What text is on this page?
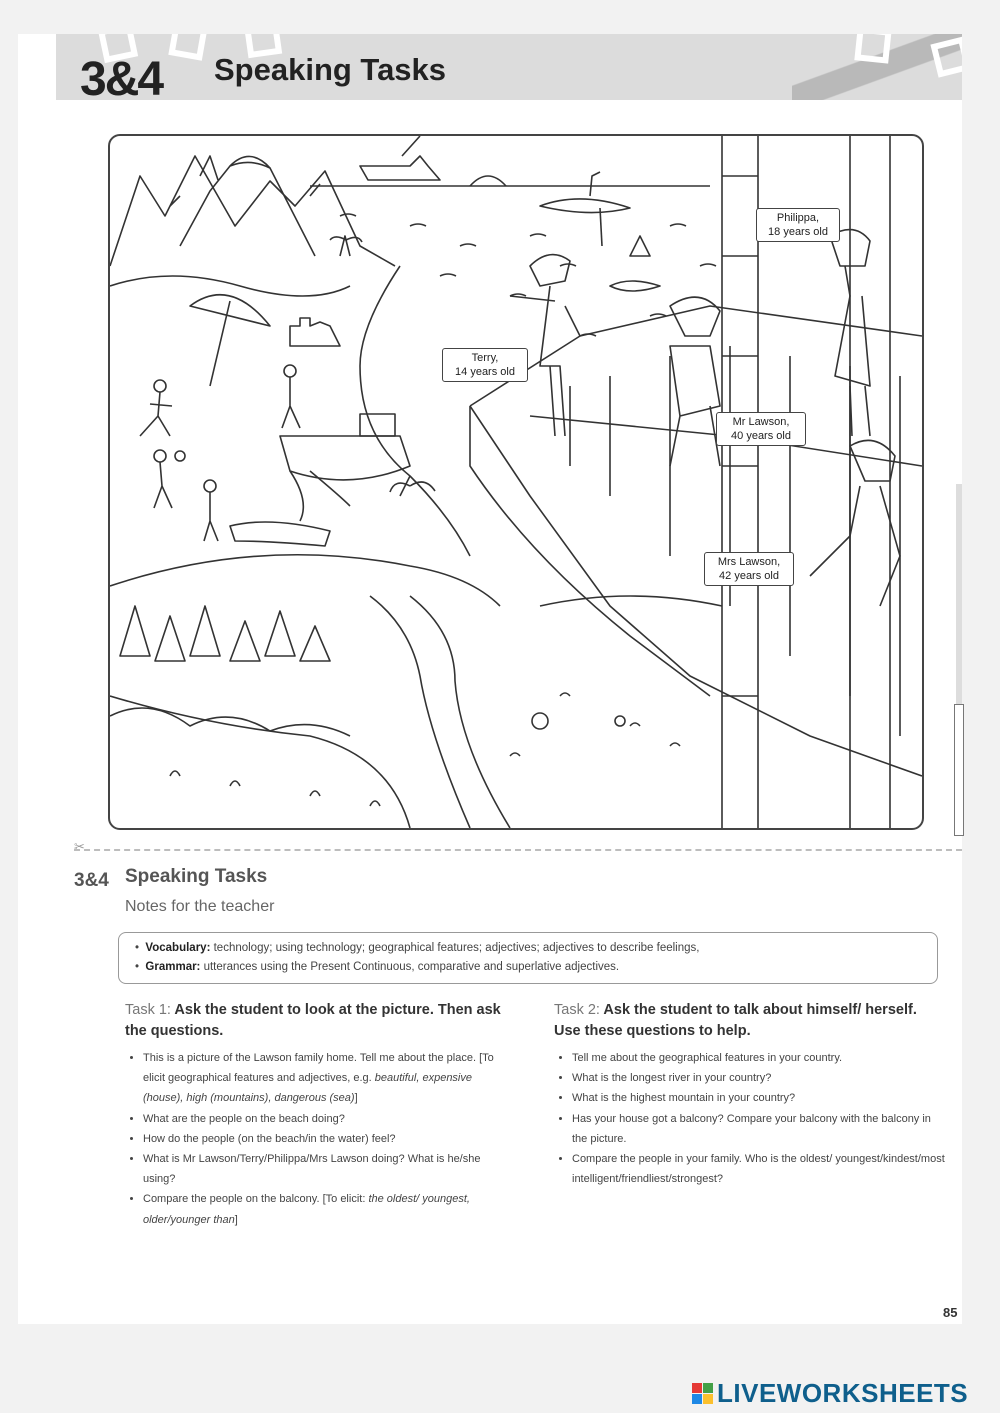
3&4 Speaking Tasks
Philippa,
18 years old
Terry,
14 years old
Mr Lawson,
40 years old
Mrs Lawson,
42 years old
✂
3&4 Speaking Tasks
Notes for the teacher
•  Vocabulary: technology; using technology; geographical features; adjectives; adjectives to describe feelings,
•  Grammar: utterances using the Present Continuous, comparative and superlative adjectives.
Task 1: Ask the student to look at the picture. Then ask the questions.
• This is a picture of the Lawson family home. Tell me about the place. [To elicit geographical features and adjectives, e.g. beautiful, expensive (house), high (mountains), dangerous (sea)]
• What are the people on the beach doing?
• How do the people (on the beach/in the water) feel?
• What is Mr Lawson/Terry/Philippa/Mrs Lawson doing? What is he/she using?
• Compare the people on the balcony. [To elicit: the oldest/ youngest, older/younger than]
Task 2: Ask the student to talk about himself/ herself. Use these questions to help.
• Tell me about the geographical features in your country.
• What is the longest river in your country?
• What is the highest mountain in your country?
• Has your house got a balcony? Compare your balcony with the balcony in the picture.
• Compare the people in your family. Who is the oldest/ youngest/kindest/most intelligent/friendliest/strongest?
85
LIVEWORKSHEETS
